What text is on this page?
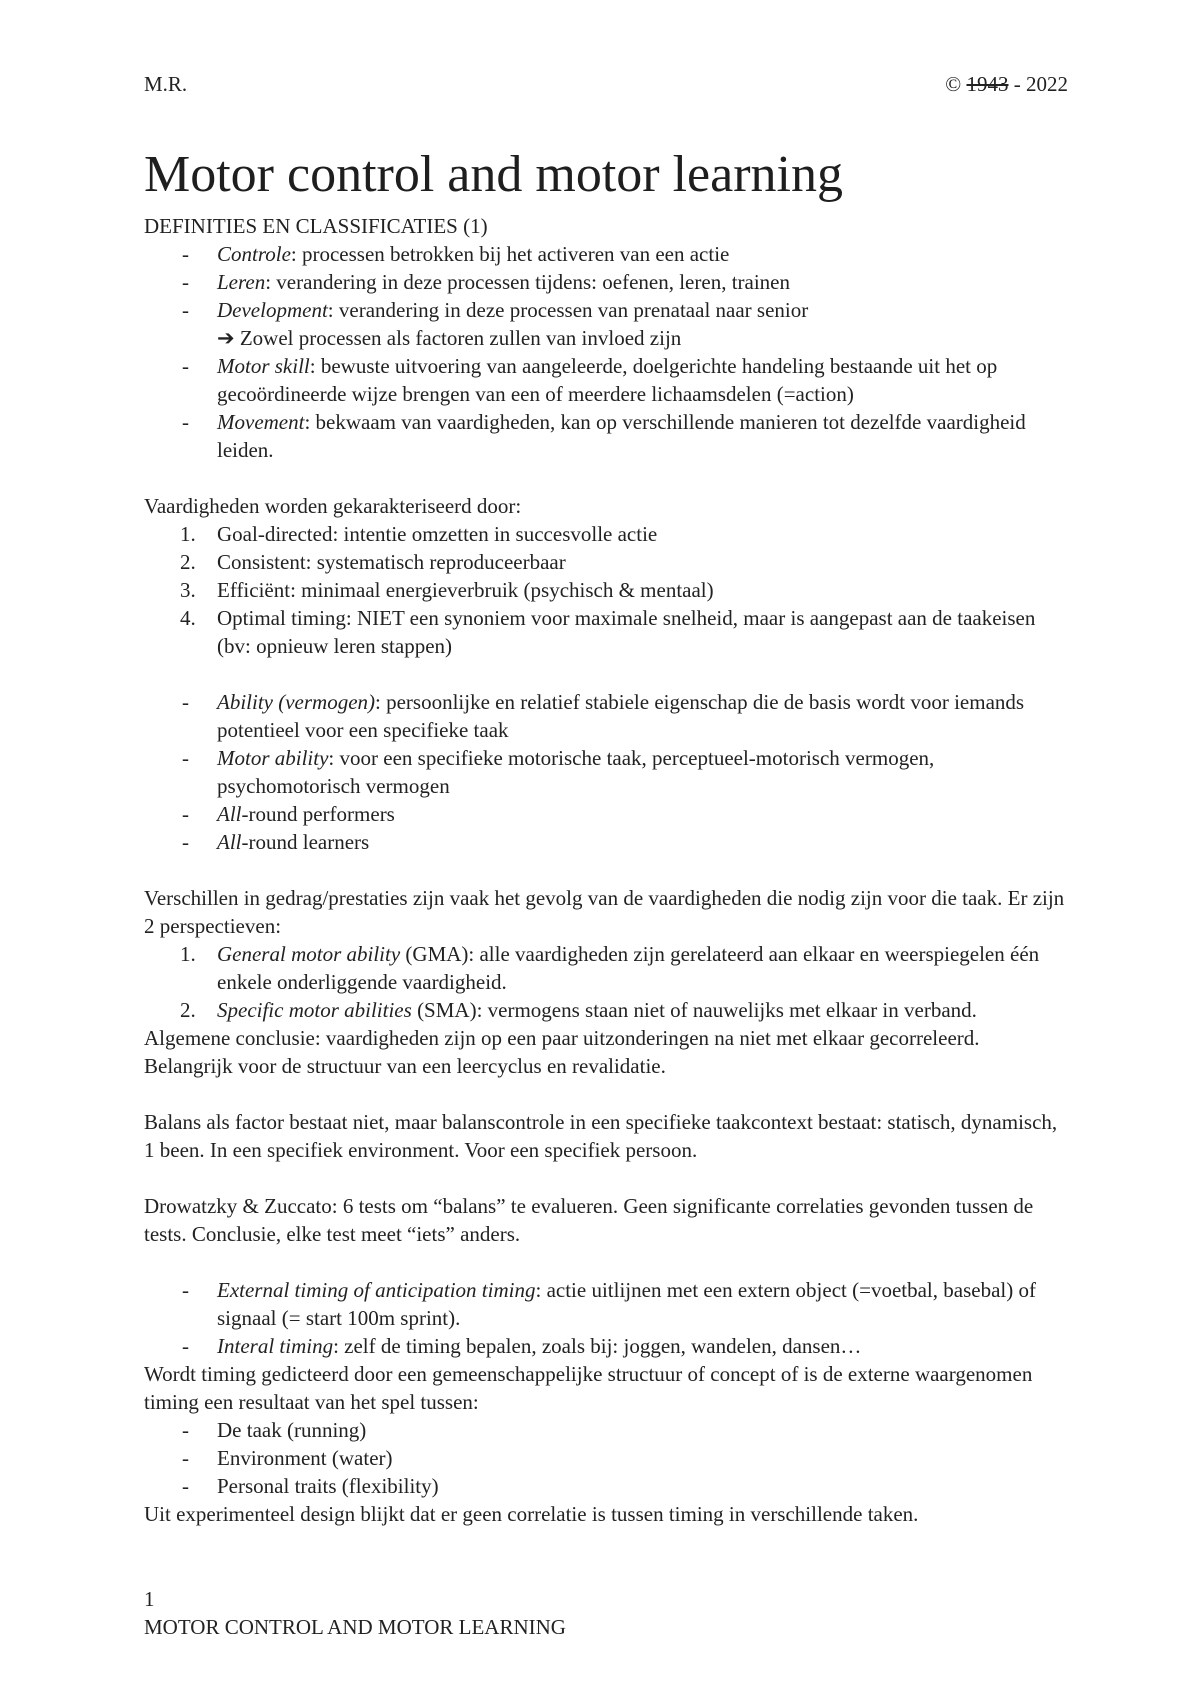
M.R.	© 1943 - 2022
Motor control and motor learning

DEFINITIES EN CLASSIFICATIES (1)

- Controle: processen betrokken bij het activeren van een actie
- Leren: verandering in deze processen tijdens: oefenen, leren, trainen
- Development: verandering in deze processen van prenataal naar senior
➔ Zowel processen als factoren zullen van invloed zijn
- Motor skill: bewuste uitvoering van aangeleerde, doelgerichte handeling bestaande uit het op gecoördineerde wijze brengen van een of meerdere lichaamsdelen (=action)
- Movement: bekwaam van vaardigheden, kan op verschillende manieren tot dezelfde vaardigheid leiden.

Vaardigheden worden gekarakteriseerd door:

1. Goal-directed: intentie omzetten in succesvolle actie
2. Consistent: systematisch reproduceerbaar
3. Efficiënt: minimaal energieverbruik (psychisch & mentaal)
4. Optimal timing: NIET een synoniem voor maximale snelheid, maar is aangepast aan de taakeisen (bv: opnieuw leren stappen)
- Ability (vermogen): persoonlijke en relatief stabiele eigenschap die de basis wordt voor iemands potentieel voor een specifieke taak
- Motor ability: voor een specifieke motorische taak, perceptueel-motorisch vermogen, psychomotorisch vermogen
- All-round performers
- All-round learners

Verschillen in gedrag/prestaties zijn vaak het gevolg van de vaardigheden die nodig zijn voor die taak. Er zijn 2 perspectieven:

1. General motor ability (GMA): alle vaardigheden zijn gerelateerd aan elkaar en weerspiegelen één enkele onderliggende vaardigheid.
2. Specific motor abilities (SMA): vermogens staan niet of nauwelijks met elkaar in verband.

Algemene conclusie: vaardigheden zijn op een paar uitzonderingen na niet met elkaar gecorreleerd. Belangrijk voor de structuur van een leercyclus en revalidatie.

Balans als factor bestaat niet, maar balanscontrole in een specifieke taakcontext bestaat: statisch, dynamisch, 1 been. In een specifiek environment. Voor een specifiek persoon.

Drowatzky & Zuccato: 6 tests om “balans” te evalueren. Geen significante correlaties gevonden tussen de tests. Conclusie, elke test meet “iets” anders.

- External timing of anticipation timing: actie uitlijnen met een extern object (=voetbal, basebal) of signaal (= start 100m sprint).
- Interal timing: zelf de timing bepalen, zoals bij: joggen, wandelen, dansen…

Wordt timing gedicteerd door een gemeenschappelijke structuur of concept of is de externe waargenomen timing een resultaat van het spel tussen:

- De taak (running)
- Environment (water)
- Personal traits (flexibility)

Uit experimenteel design blijkt dat er geen correlatie is tussen timing in verschillende taken.

1
MOTOR CONTROL AND MOTOR LEARNING
